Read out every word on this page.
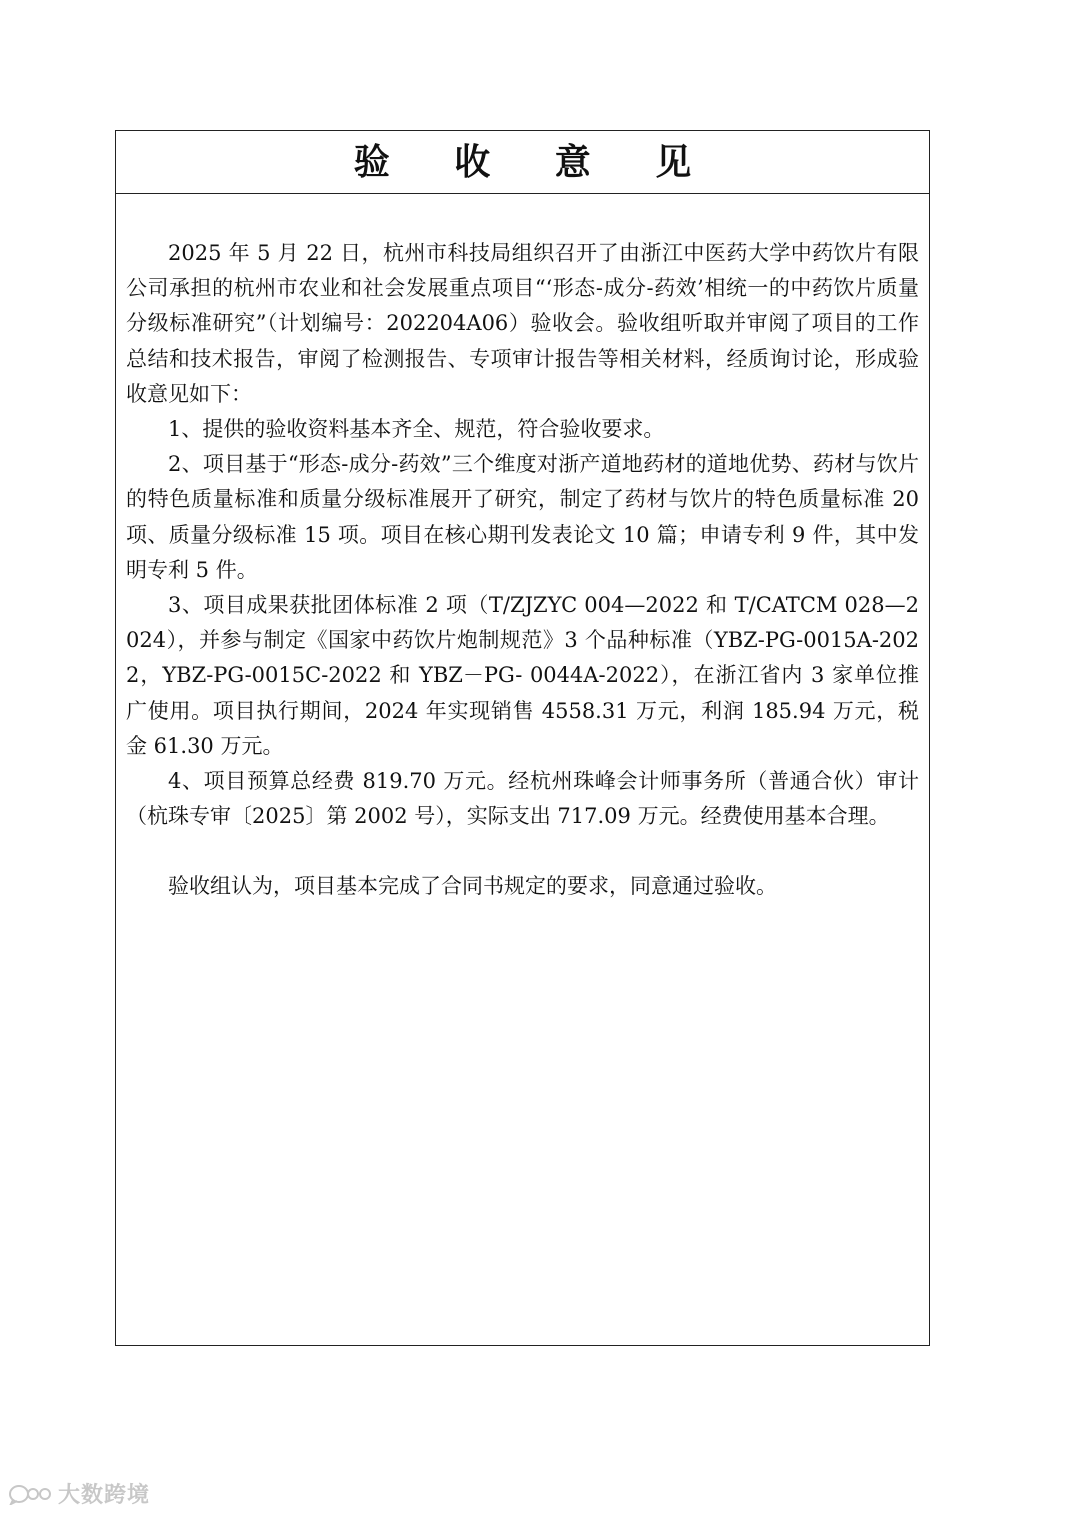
验 收 意 见

2025 年 5 月 22 日，杭州市科技局组织召开了由浙江中医药大学中药饮片有限公司承担的杭州市农业和社会发展重点项目“‘形态-成分-药效’相统一的中药饮片质量分级标准研究”（计划编号：202204A06）验收会。验收组听取并审阅了项目的工作总结和技术报告，审阅了检测报告、专项审计报告等相关材料，经质询讨论，形成验收意见如下：

1、提供的验收资料基本齐全、规范，符合验收要求。

2、项目基于“形态-成分-药效”三个维度对浙产道地药材的道地优势、药材与饮片的特色质量标准和质量分级标准展开了研究，制定了药材与饮片的特色质量标准 20 项、质量分级标准 15 项。项目在核心期刊发表论文 10 篇；申请专利 9 件，其中发明专利 5 件。

3、项目成果获批团体标准 2 项（T/ZJZYC 004—2022 和 T/CATCM 028—2024），并参与制定《国家中药饮片炮制规范》3 个品种标准（YBZ-PG-0015A-2022，YBZ-PG-0015C-2022 和 YBZ－PG- 0044A-2022），在浙江省内 3 家单位推广使用。项目执行期间，2024 年实现销售 4558.31 万元，利润 185.94 万元，税金 61.30 万元。

4、项目预算总经费 819.70 万元。经杭州珠峰会计师事务所（普通合伙）审计（杭珠专审〔2025〕第 2002 号），实际支出 717.09 万元。经费使用基本合理。

验收组认为，项目基本完成了合同书规定的要求，同意通过验收。

大数跨境
